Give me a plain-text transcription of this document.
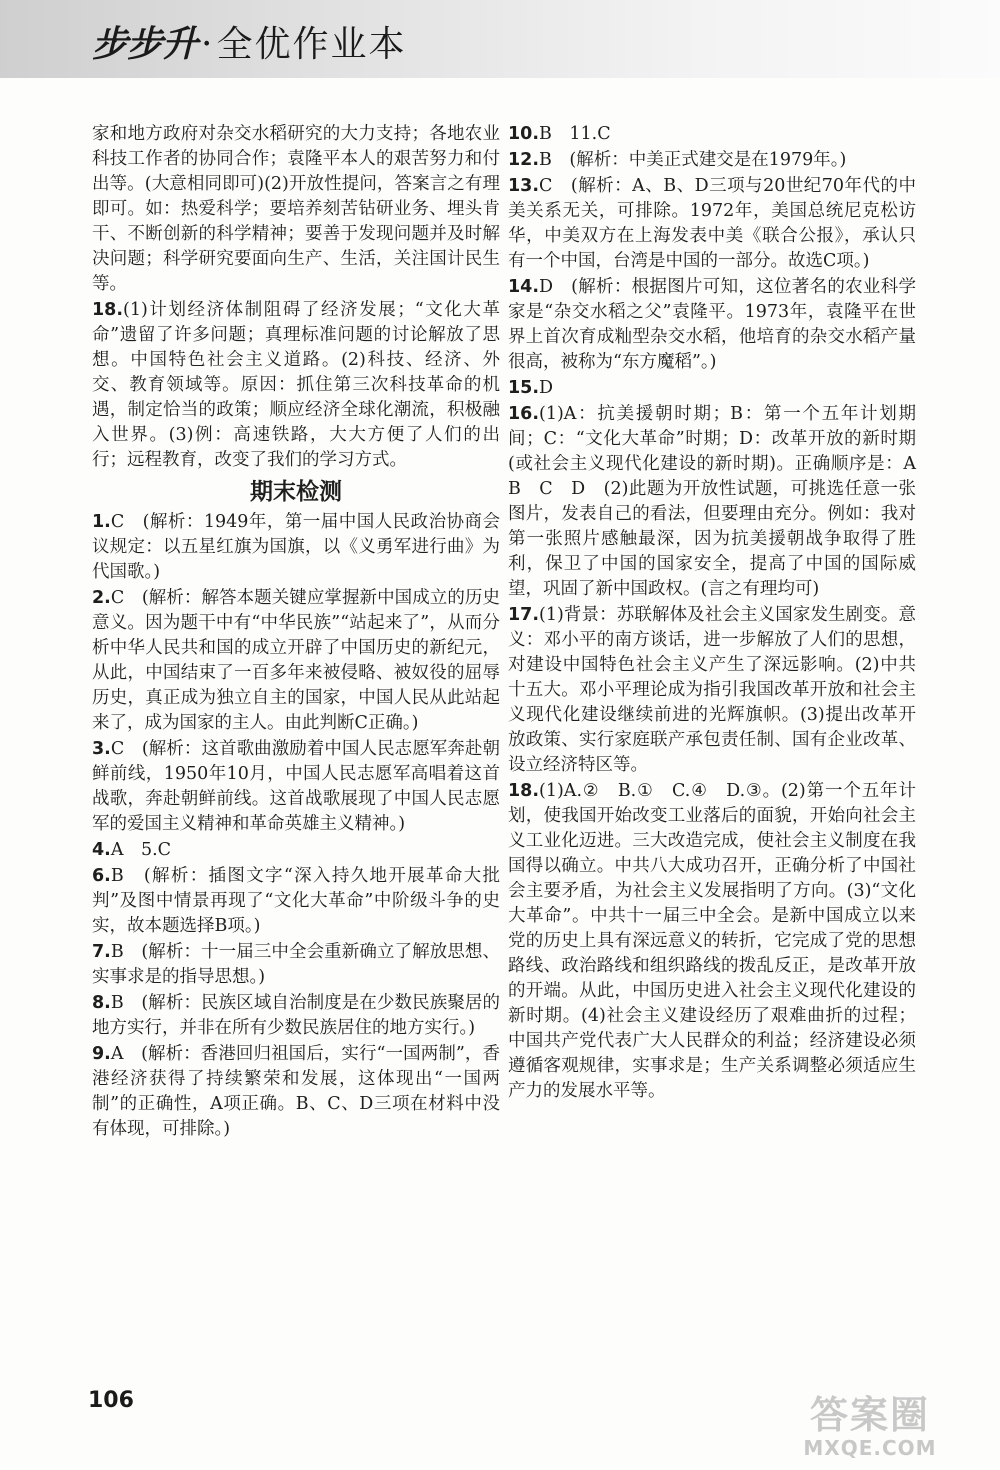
步步升 · 全优作业本
家和地方政府对杂交水稻研究的大力支持；各地农业科技工作者的协同合作；袁隆平本人的艰苦努力和付出等。(大意相同即可)(2)开放性提问，答案言之有理即可。如：热爱科学；要培养刻苦钻研业务、埋头肯干、不断创新的科学精神；要善于发现问题并及时解决问题；科学研究要面向生产、生活，关注国计民生等。
18.(1)计划经济体制阻碍了经济发展；“文化大革命”遗留了许多问题；真理标准问题的讨论解放了思想。中国特色社会主义道路。(2)科技、经济、外交、教育领域等。原因：抓住第三次科技革命的机遇，制定恰当的政策；顺应经济全球化潮流，积极融入世界。(3)例：高速铁路，大大方便了人们的出行；远程教育，改变了我们的学习方式。
期末检测
1.C　(解析：1949年，第一届中国人民政治协商会议规定：以五星红旗为国旗，以《义勇军进行曲》为代国歌。)
2.C　(解析：解答本题关键应掌握新中国成立的历史意义。因为题干中有“中华民族”“站起来了”，从而分析中华人民共和国的成立开辟了中国历史的新纪元，从此，中国结束了一百多年来被侵略、被奴役的屈辱历史，真正成为独立自主的国家，中国人民从此站起来了，成为国家的主人。由此判断C正确。)
3.C　(解析：这首歌曲激励着中国人民志愿军奔赴朝鲜前线，1950年10月，中国人民志愿军高唱着这首战歌，奔赴朝鲜前线。这首战歌展现了中国人民志愿军的爱国主义精神和革命英雄主义精神。)
4.A　5.C
6.B　(解析：插图文字“深入持久地开展革命大批判”及图中情景再现了“文化大革命”中阶级斗争的史实，故本题选择B项。)
7.B　(解析：十一届三中全会重新确立了解放思想、实事求是的指导思想。)
8.B　(解析：民族区域自治制度是在少数民族聚居的地方实行，并非在所有少数民族居住的地方实行。)
9.A　(解析：香港回归祖国后，实行“一国两制”，香港经济获得了持续繁荣和发展，这体现出“一国两制”的正确性，A项正确。B、C、D三项在材料中没有体现，可排除。)
10.B　11.C
12.B　(解析：中美正式建交是在1979年。)
13.C　(解析：A、B、D三项与20世纪70年代的中美关系无关，可排除。1972年，美国总统尼克松访华，中美双方在上海发表中美《联合公报》，承认只有一个中国，台湾是中国的一部分。故选C项。)
14.D　(解析：根据图片可知，这位著名的农业科学家是“杂交水稻之父”袁隆平。1973年，袁隆平在世界上首次育成籼型杂交水稻，他培育的杂交水稻产量很高，被称为“东方魔稻”。)
15.D
16.(1)A：抗美援朝时期；B：第一个五年计划期间；C：“文化大革命”时期；D：改革开放的新时期(或社会主义现代化建设的新时期)。正确顺序是：A　B　C　D　(2)此题为开放性试题，可挑选任意一张图片，发表自己的看法，但要理由充分。例如：我对第一张照片感触最深，因为抗美援朝战争取得了胜利，保卫了中国的国家安全，提高了中国的国际威望，巩固了新中国政权。(言之有理均可)
17.(1)背景：苏联解体及社会主义国家发生剧变。意义：邓小平的南方谈话，进一步解放了人们的思想，对建设中国特色社会主义产生了深远影响。(2)中共十五大。邓小平理论成为指引我国改革开放和社会主义现代化建设继续前进的光辉旗帜。(3)提出改革开放政策、实行家庭联产承包责任制、国有企业改革、设立经济特区等。
18.(1)A.②　B.①　C.④　D.③。(2)第一个五年计划，使我国开始改变工业落后的面貌，开始向社会主义工业化迈进。三大改造完成，使社会主义制度在我国得以确立。中共八大成功召开，正确分析了中国社会主要矛盾，为社会主义发展指明了方向。(3)“文化大革命”。中共十一届三中全会。是新中国成立以来党的历史上具有深远意义的转折，它完成了党的思想路线、政治路线和组织路线的拨乱反正，是改革开放的开端。从此，中国历史进入社会主义现代化建设的新时期。(4)社会主义建设经历了艰难曲折的过程；中国共产党代表广大人民群众的利益；经济建设必须遵循客观规律，实事求是；生产关系调整必须适应生产力的发展水平等。
106	答案圈
MXQE.COM
